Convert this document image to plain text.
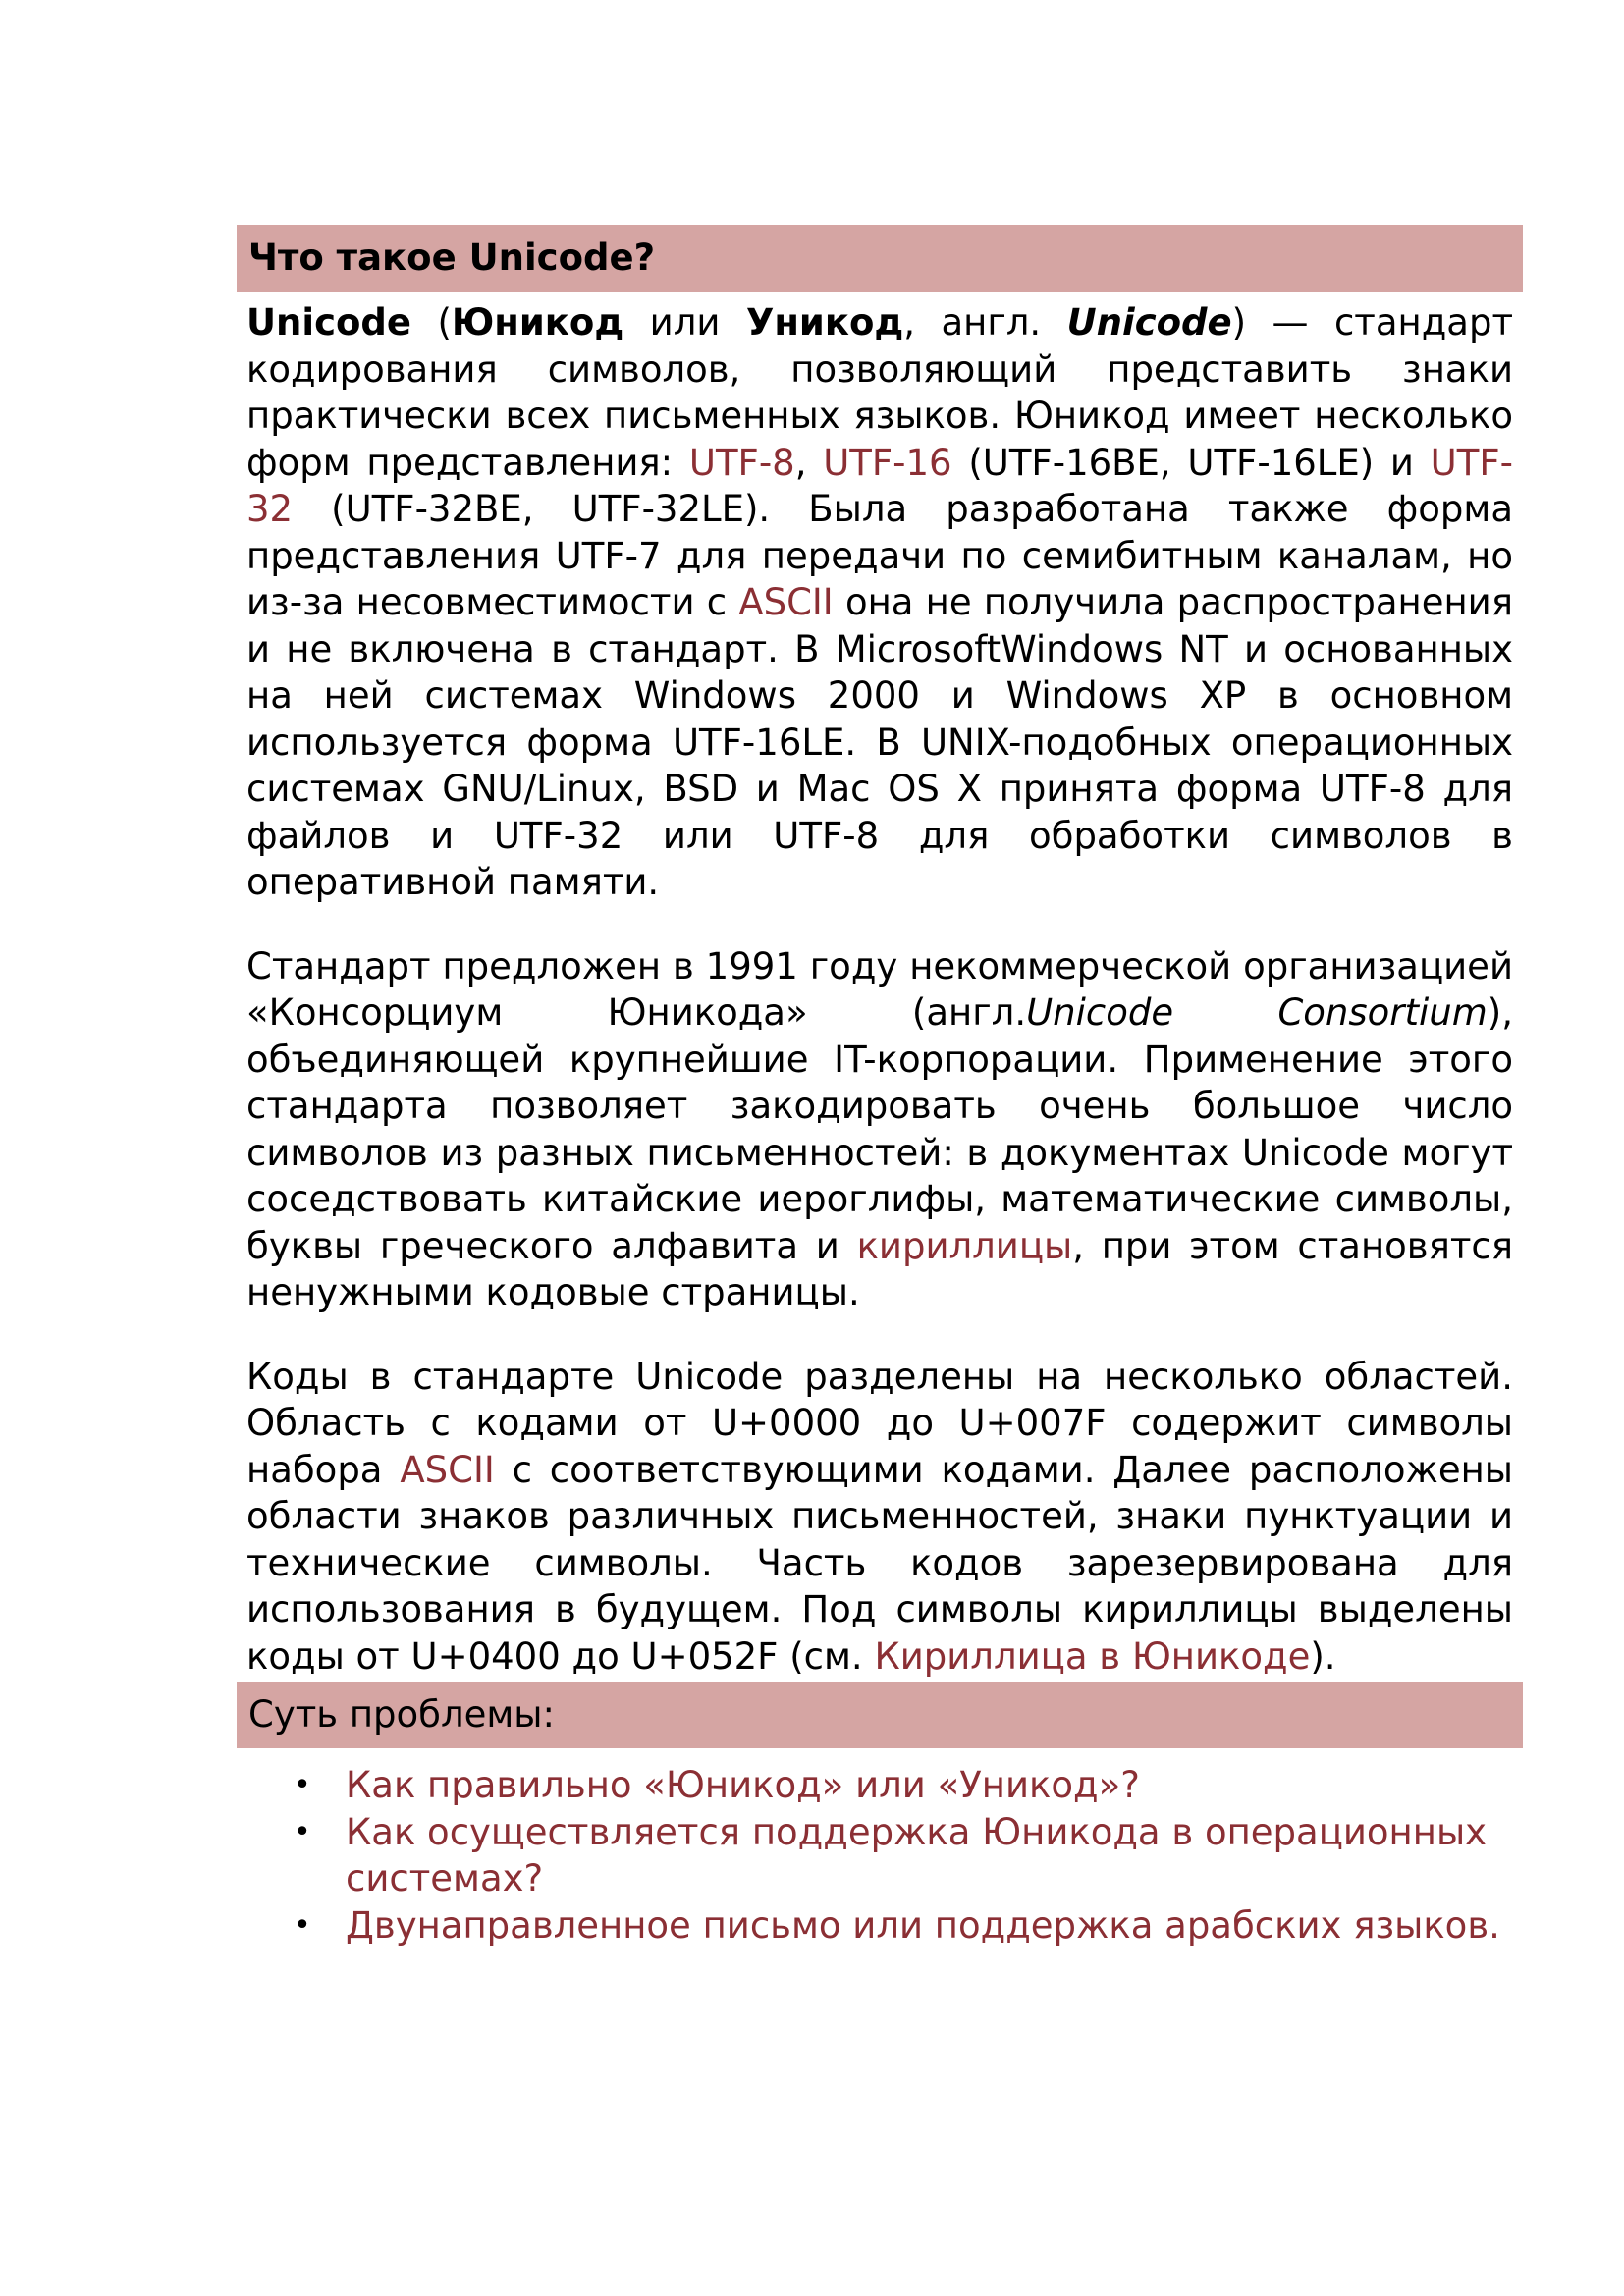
Что такое Unicode?
Unicode (Юникод или Уникод, англ. Unicode) — стандарт кодирования символов, позволяющий представить знаки практически всех письменных языков. Юникод имеет несколько форм представления: UTF-8, UTF-16 (UTF-16BE, UTF-16LE) и UTF-32 (UTF-32BE, UTF-32LE). Была разработана также форма представления UTF-7 для передачи по семибитным каналам, но из-за несовместимости с ASCII она не получила распространения и не включена в стандарт. В MicrosoftWindows NT и основанных на ней системах Windows 2000 и Windows XP в основном используется форма UTF-16LE. В UNIX-подобных операционных системах GNU/Linux, BSD и Mac OS X принята форма UTF-8 для файлов и UTF-32 или UTF-8 для обработки символов в оперативной памяти.
Стандарт предложен в 1991 году некоммерческой организацией «Консорциум Юникода» (англ.Unicode Consortium), объединяющей крупнейшие IT-корпорации. Применение этого стандарта позволяет закодировать очень большое число символов из разных письменностей: в документах Unicode могут соседствовать китайские иероглифы, математические символы, буквы греческого алфавита и кириллицы, при этом становятся ненужными кодовые страницы.
Коды в стандарте Unicode разделены на несколько областей. Область с кодами от U+0000 до U+007F содержит символы набора ASCII с соответствующими кодами. Далее расположены области знаков различных письменностей, знаки пунктуации и технические символы. Часть кодов зарезервирована для использования в будущем. Под символы кириллицы выделены коды от U+0400 до U+052F (см. Кириллица в Юникоде).
Суть проблемы:
• Как правильно «Юникод» или «Уникод»?
• Как осуществляется поддержка Юникода в операционных системах?
• Двунаправленное письмо или поддержка арабских языков.
